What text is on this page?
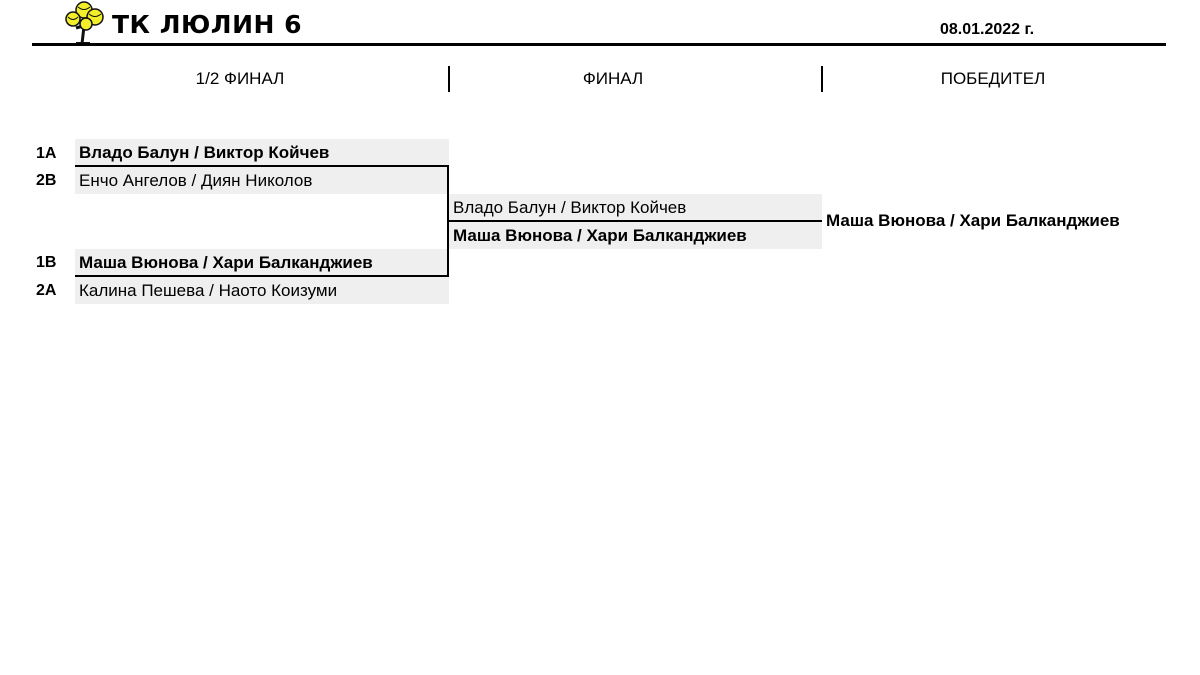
ТК ЛЮЛИН 6	08.01.2022 г.
1/2 ФИНАЛ	ФИНАЛ	ПОБЕДИТЕЛ
1A Владо Балун / Виктор Койчев
2B Енчо Ангелов / Диян Николов
1B Маша Вюнова / Хари Балканджиев
2A Калина Пешева / Наото Коизуми
Владо Балун / Виктор Койчев
Маша Вюнова / Хари Балканджиев
Маша Вюнова / Хари Балканджиев
